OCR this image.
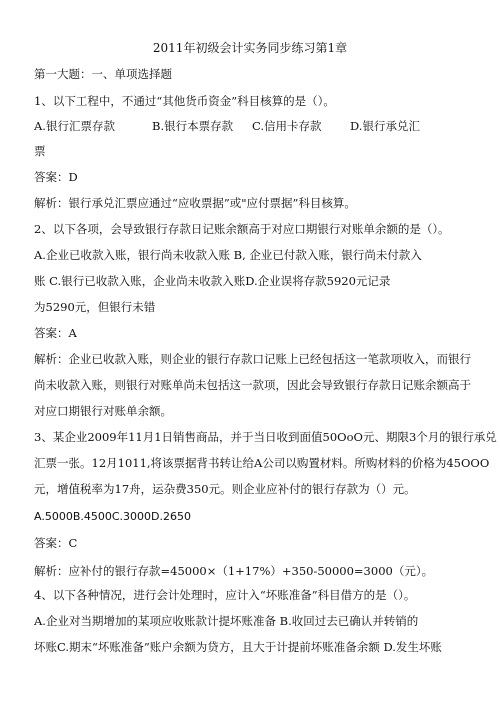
2011年初级会计实务同步练习第1章
第一大题：一、单项选择题
1、以下工程中，不通过“其他货币资金”科目核算的是（）。
A.银行汇票存款	B.银行本票存款	C.信用卡存款	D.银行承兑汇
票
答案：D
解析：银行承兑汇票应通过“应收票据”或"应付票据”科目核算。
2、以下各项，会导致银行存款日记账余额高于对应口期银行对账单余额的是（）。
A.企业已收款入账，银行尚未收款入账 B, 企业已付款入账，银行尚未付款入
账 C.银行已收款入账，企业尚未收款入账D.企业误将存款5920元记录
为5290元，但银行未错
答案：A
解析：企业已收款入账，则企业的银行存款口记账上已经包括这一笔款项收入，而银行
尚未收款入账，则银行对账单尚未包括这一款项，因此会导致银行存款日记账余额高于
对应口期银行对账单余额。
3、某企业2009年11月1日销售商品，并于当日收到面值50OoO元、期限3个月的银行承兑
汇票一张。12月1011,将该票据背书转让给A公司以购置材料。所购材料的价格为45OOO
元，增值税率为17舟，运杂费350元。则企业应补付的银行存款为（）元。
A.5000B.4500C.3000D.2650
答案：C
解析：应补付的银行存款=45000×（1+17%）+350-50000=3000（元）。
4、以下各种情况，进行会计处理时，应计入“坏账准备”科目借方的是（）。
A.企业对当期增加的某项应收账款计提坏账准备 B.收回过去已确认并转销的
坏账C.期末“坏账准备”账户余额为贷方，且大于计提前坏账准备余额 D.发生坏账
